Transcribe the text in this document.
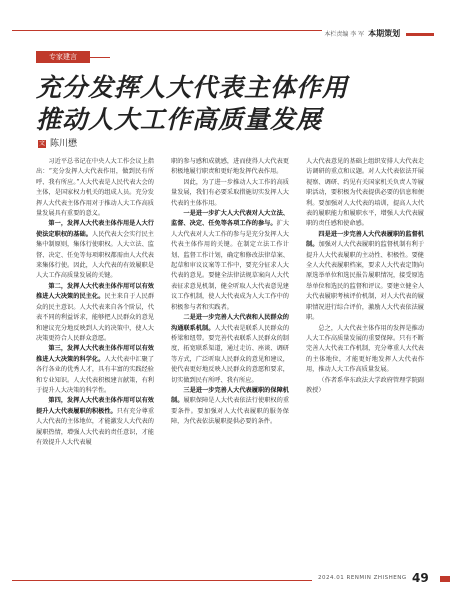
本栏责编 李 军 本期策划
专家建言
充分发挥人大代表主体作用
推动人大工作高质量发展
文 陈川懋

习近平总书记在中央人大工作会议上指出：“充分发挥人大代表作用，做到民有所呼、我有所应。”人大代表是人民代表大会的主体，是国家权力机关的组成人员。充分发挥人大代表主体作用对于推动人大工作高质量发展具有重要的意义。

第一，发挥人大代表主体作用是人大行使法定职权的基础。人民代表大会实行民主集中制原则，集体行使职权。人大立法、监督、决定、任免等每项职权都需由人大代表来集体行使。因此，人大代表的有效履职是人大工作高质量发展的关键。

第二，发挥人大代表主体作用可以有效推进人大决策的民主化。民主来自于人民群众的民主意识。人大代表来自各个阶层，代表不同的利益诉求，能够把人民群众的意见和建议充分地反映到人大的决策中，使人大决策更符合人民群众意愿。

第三，发挥人大代表主体作用可以有效推进人大决策的科学化。人大代表中汇聚了各行各业的优秀人才，具有丰富的实践经验和专业知识。人大代表积极建言献策，有利于提升人大决策的科学性。

第四，发挥人大代表主体作用可以有效提升人大代表履职的积极性。只有充分尊重人大代表的主体地位，才能激发人大代表的履职热情，增强人大代表的责任意识，才能有效提升人大代表履

职的参与感和成就感，进而使得人大代表更积极地履行职责和更好地发挥代表作用。

因此，为了进一步推动人大工作的高质量发展，我们有必要采取措施切实发挥人大代表的主体作用。

一是进一步扩大人大代表对人大立法、监督、决定、任免等各项工作的参与。扩大人大代表对人大工作的参与是充分发挥人大代表主体作用的关键。在制定立法工作计划、监督工作计划，确定和修改法律草案、起草和审议议案等工作中，要充分征求人大代表的意见。要健全法律法规草案向人大代表征求意见机制，健全听取人大代表意见建议工作机制，使人大代表成为人大工作中的积极参与者和实践者。

二是进一步完善人大代表和人民群众的沟通联系机制。人大代表是联系人民群众的桥梁和纽带。要完善代表联系人民群众的制度，拓宽联系渠道，通过走访、座谈、调研等方式，广泛听取人民群众的意见和建议，使代表更好地反映人民群众的意愿和要求，切实做到民有所呼、我有所应。

三是进一步完善人大代表履职的保障机制。履职保障是人大代表依法行使职权的重要条件。要加强对人大代表履职的服务保障，为代表依法履职提供必要的条件。

人大代表意见的基础上组织安排人大代表走访调研的重点和议题。对人大代表依法开展视察、调研、约见有关国家机关负责人等履职活动，要积极为代表提供必要的信息和便利。要加强对人大代表的培训，提高人大代表的履职能力和履职水平，增强人大代表履职的责任感和使命感。

四是进一步完善人大代表履职的监督机制。加强对人大代表履职的监督机制有利于提升人大代表履职的主动性、积极性。要健全人大代表履职档案，要求人大代表定期向原选举单位和选民报告履职情况，接受原选举单位和选民的监督和评议。要建立健全人大代表履职考核评价机制，对人大代表的履职情况进行综合评价，激励人大代表依法履职。

总之，人大代表主体作用的发挥是推动人大工作高质量发展的重要保障。只有不断完善人大代表工作机制，充分尊重人大代表的主体地位，才能更好地发挥人大代表作用，推动人大工作高质量发展。

（作者系华东政法大学政府管理学院副教授）

2024.01 RENMIN ZHISHENG 49
